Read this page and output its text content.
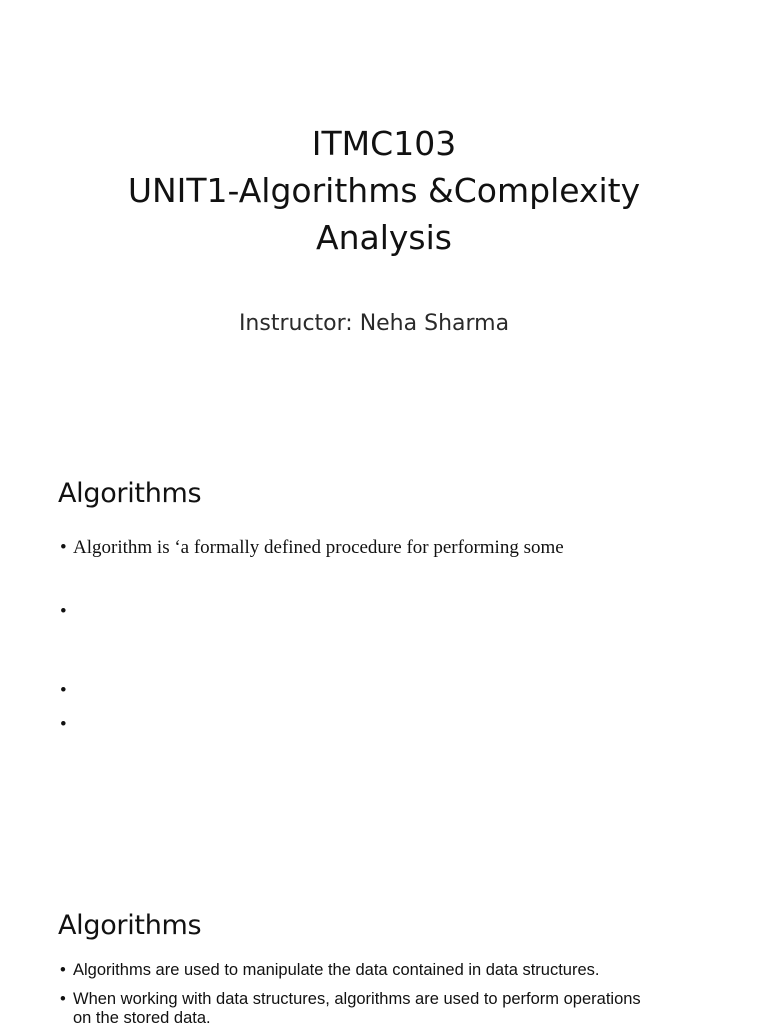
ITMC103
UNIT1-Algorithms &Complexity
Analysis
Instructor: Neha Sharma
Algorithms
• Algorithm is ‘a formally defined procedure for performing some
•
•
•
Algorithms
• Algorithms are used to manipulate the data contained in data structures.
• When working with data structures, algorithms are used to perform operations on the stored data.
